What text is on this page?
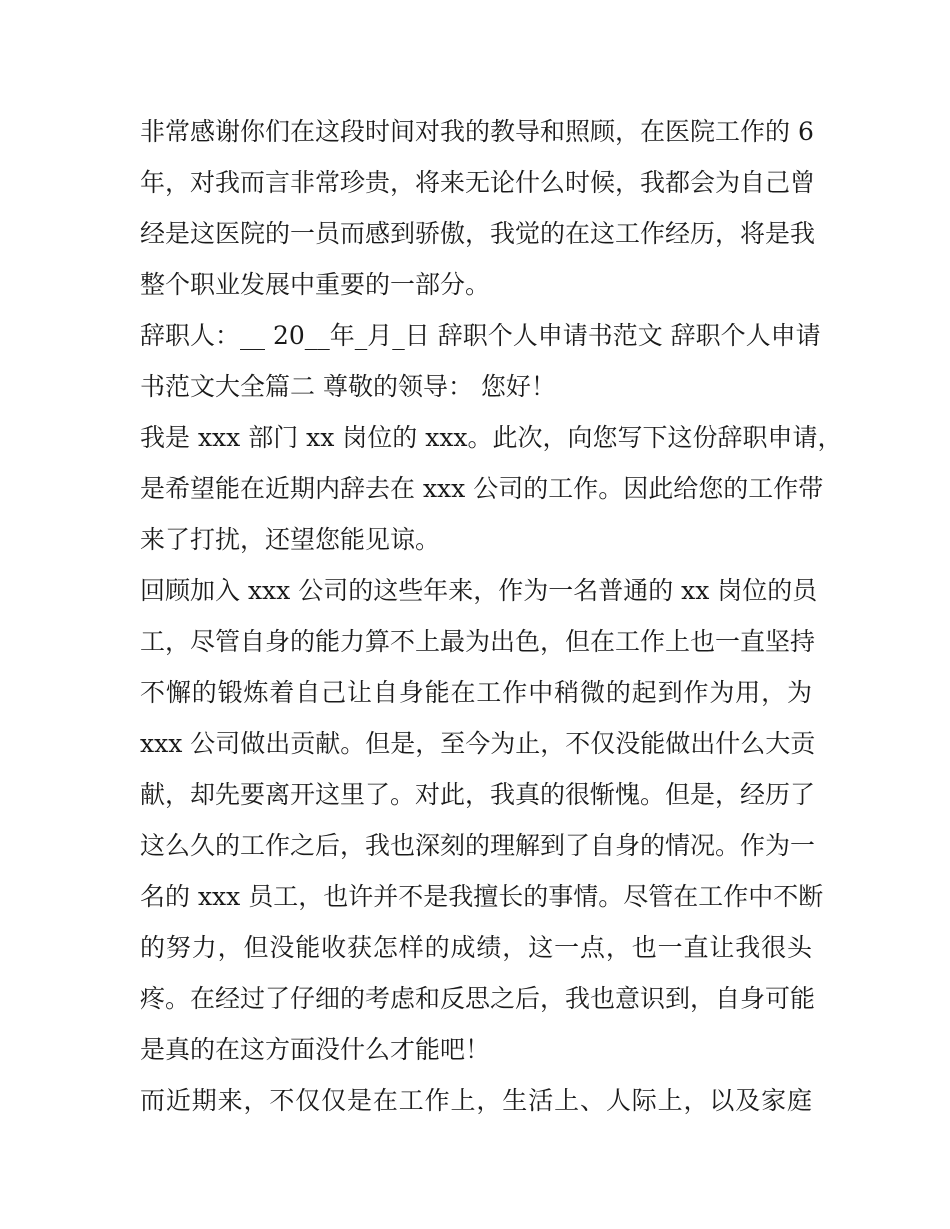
非常感谢你们在这段时间对我的教导和照顾，在医院工作的 6
年，对我而言非常珍贵，将来无论什么时候，我都会为自己曾
经是这医院的一员而感到骄傲，我觉的在这工作经历，将是我
整个职业发展中重要的一部分。
辞职人：__ 20__年_月_日 辞职个人申请书范文 辞职个人申请
书范文大全篇二 尊敬的领导： 您好！
我是 xxx 部门 xx 岗位的 xxx。此次，向您写下这份辞职申请，
是希望能在近期内辞去在 xxx 公司的工作。因此给您的工作带
来了打扰，还望您能见谅。
回顾加入 xxx 公司的这些年来，作为一名普通的 xx 岗位的员
工，尽管自身的能力算不上最为出色，但在工作上也一直坚持
不懈的锻炼着自己让自身能在工作中稍微的起到作为用，为
xxx 公司做出贡献。但是，至今为止，不仅没能做出什么大贡
献，却先要离开这里了。对此，我真的很惭愧。但是，经历了
这么久的工作之后，我也深刻的理解到了自身的情况。作为一
名的 xxx 员工，也许并不是我擅长的事情。尽管在工作中不断
的努力，但没能收获怎样的成绩，这一点，也一直让我很头
疼。在经过了仔细的考虑和反思之后，我也意识到，自身可能
是真的在这方面没什么才能吧！
而近期来，不仅仅是在工作上，生活上、人际上，以及家庭
